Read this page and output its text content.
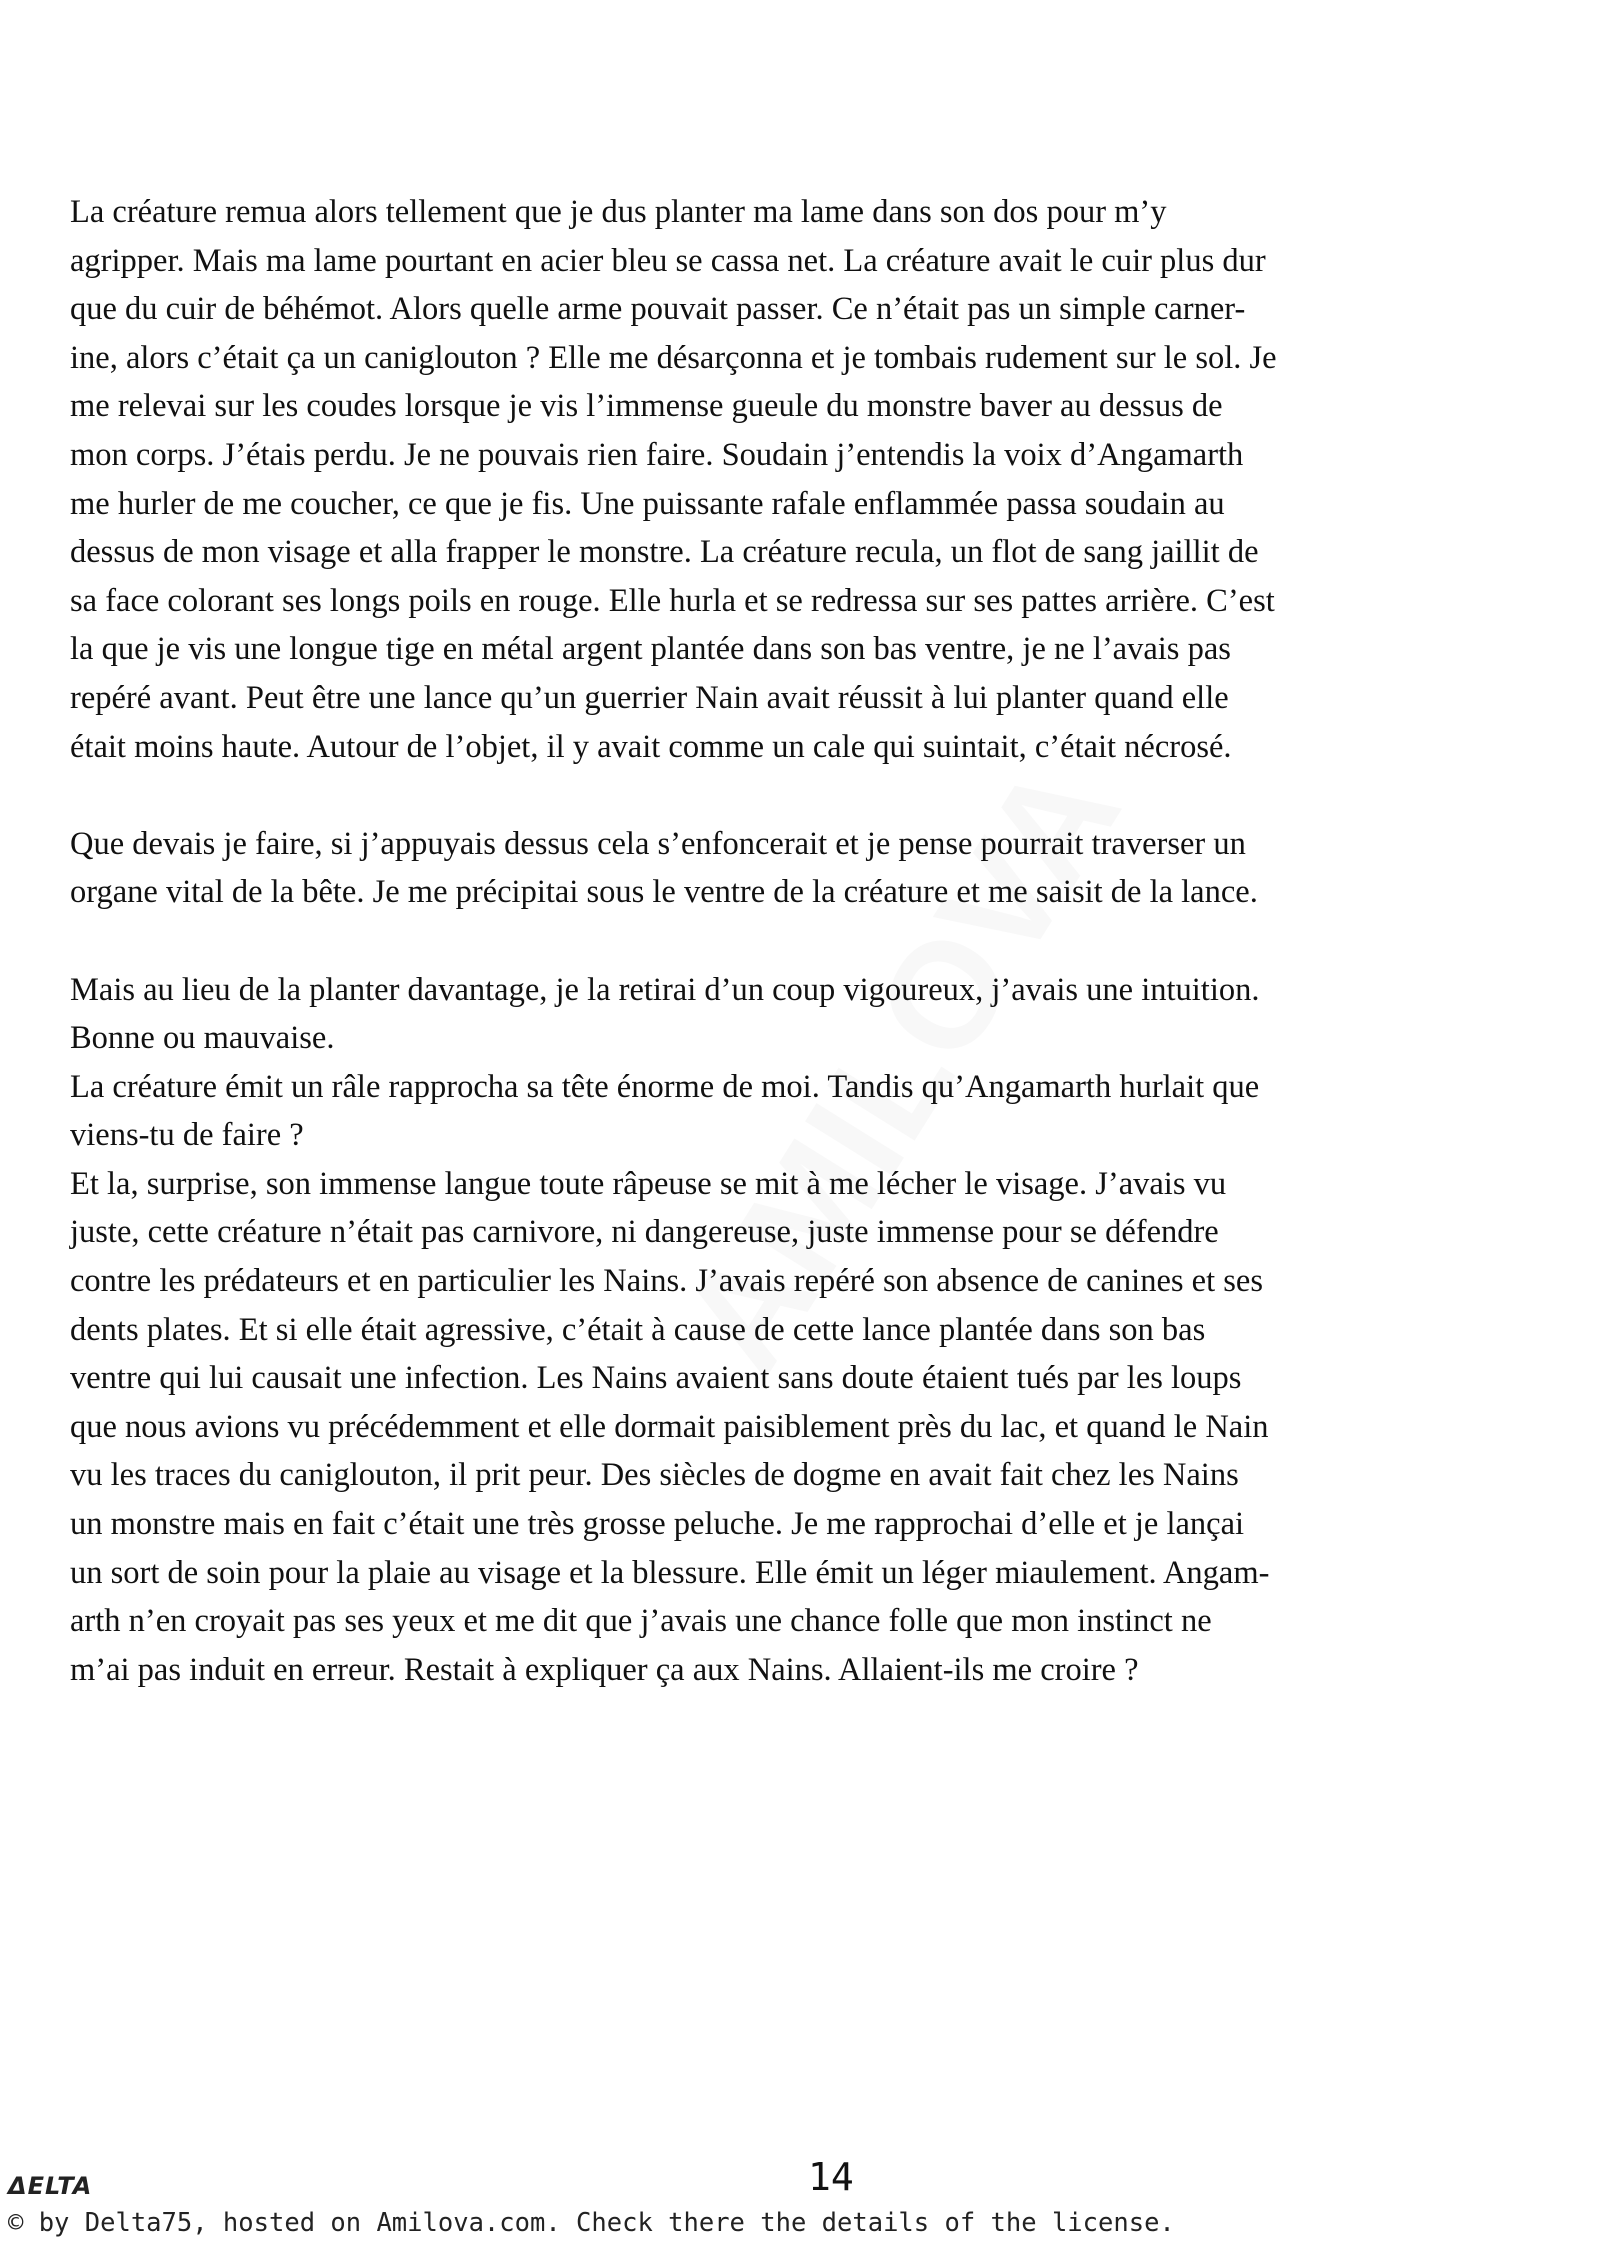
La créature remua alors tellement que je dus planter ma lame dans son dos pour m’y
agripper. Mais ma lame pourtant en acier bleu se cassa net. La créature avait le cuir plus dur
que du cuir de béhémot. Alors quelle arme pouvait passer. Ce n’était pas un simple carner-
ine, alors c’était ça un caniglouton ? Elle me désarçonna et je tombais rudement sur le sol. Je
me relevai sur les coudes lorsque je vis l’immense gueule du monstre baver au dessus de
mon corps. J’étais perdu. Je ne pouvais rien faire. Soudain j’entendis la voix d’Angamarth
me hurler de me coucher, ce que je fis. Une puissante rafale enflammée passa soudain au
dessus de mon visage et alla frapper le monstre. La créature recula, un flot de sang jaillit de
sa face colorant ses longs poils en rouge. Elle hurla et se redressa sur ses pattes arrière. C’est
la que je vis une longue tige en métal argent plantée dans son bas ventre, je ne l’avais pas
repéré avant. Peut être une lance qu’un guerrier Nain avait réussit à lui planter quand elle
était moins haute. Autour de l’objet, il y avait comme un cale qui suintait, c’était nécrosé.
Que devais je faire, si j’appuyais dessus cela s’enfoncerait et je pense pourrait traverser un
organe vital de la bête. Je me précipitai sous le ventre de la créature et me saisit de la lance.
Mais au lieu de la planter davantage, je la retirai d’un coup vigoureux, j’avais une intuition.
Bonne ou mauvaise.
La créature émit un râle rapprocha sa tête énorme de moi. Tandis qu’Angamarth hurlait que
viens-tu de faire ?
Et la, surprise, son immense langue toute râpeuse se mit à me lécher le visage. J’avais vu
juste, cette créature n’était pas carnivore, ni dangereuse, juste immense pour se défendre
contre les prédateurs et en particulier les Nains. J’avais repéré son absence de canines et ses
dents plates. Et si elle était agressive, c’était à cause de cette lance plantée dans son bas
ventre qui lui causait une infection. Les Nains avaient sans doute étaient tués par les loups
que nous avions vu précédemment et elle dormait paisiblement près du lac, et quand le Nain
vu les traces du caniglouton, il prit peur. Des siècles de dogme en avait fait chez les Nains
un monstre mais en fait c’était une très grosse peluche. Je me rapprochai d’elle et je lançai
un sort de soin pour la plaie au visage et la blessure. Elle émit un léger miaulement. Angam-
arth n’en croyait pas ses yeux et me dit que j’avais une chance folle que mon instinct ne
m’ai pas induit en erreur. Restait à expliquer ça aux Nains. Allaient-ils me croire ?
ΔELTA	14
© by Delta75, hosted on Amilova.com. Check there the details of the license.
